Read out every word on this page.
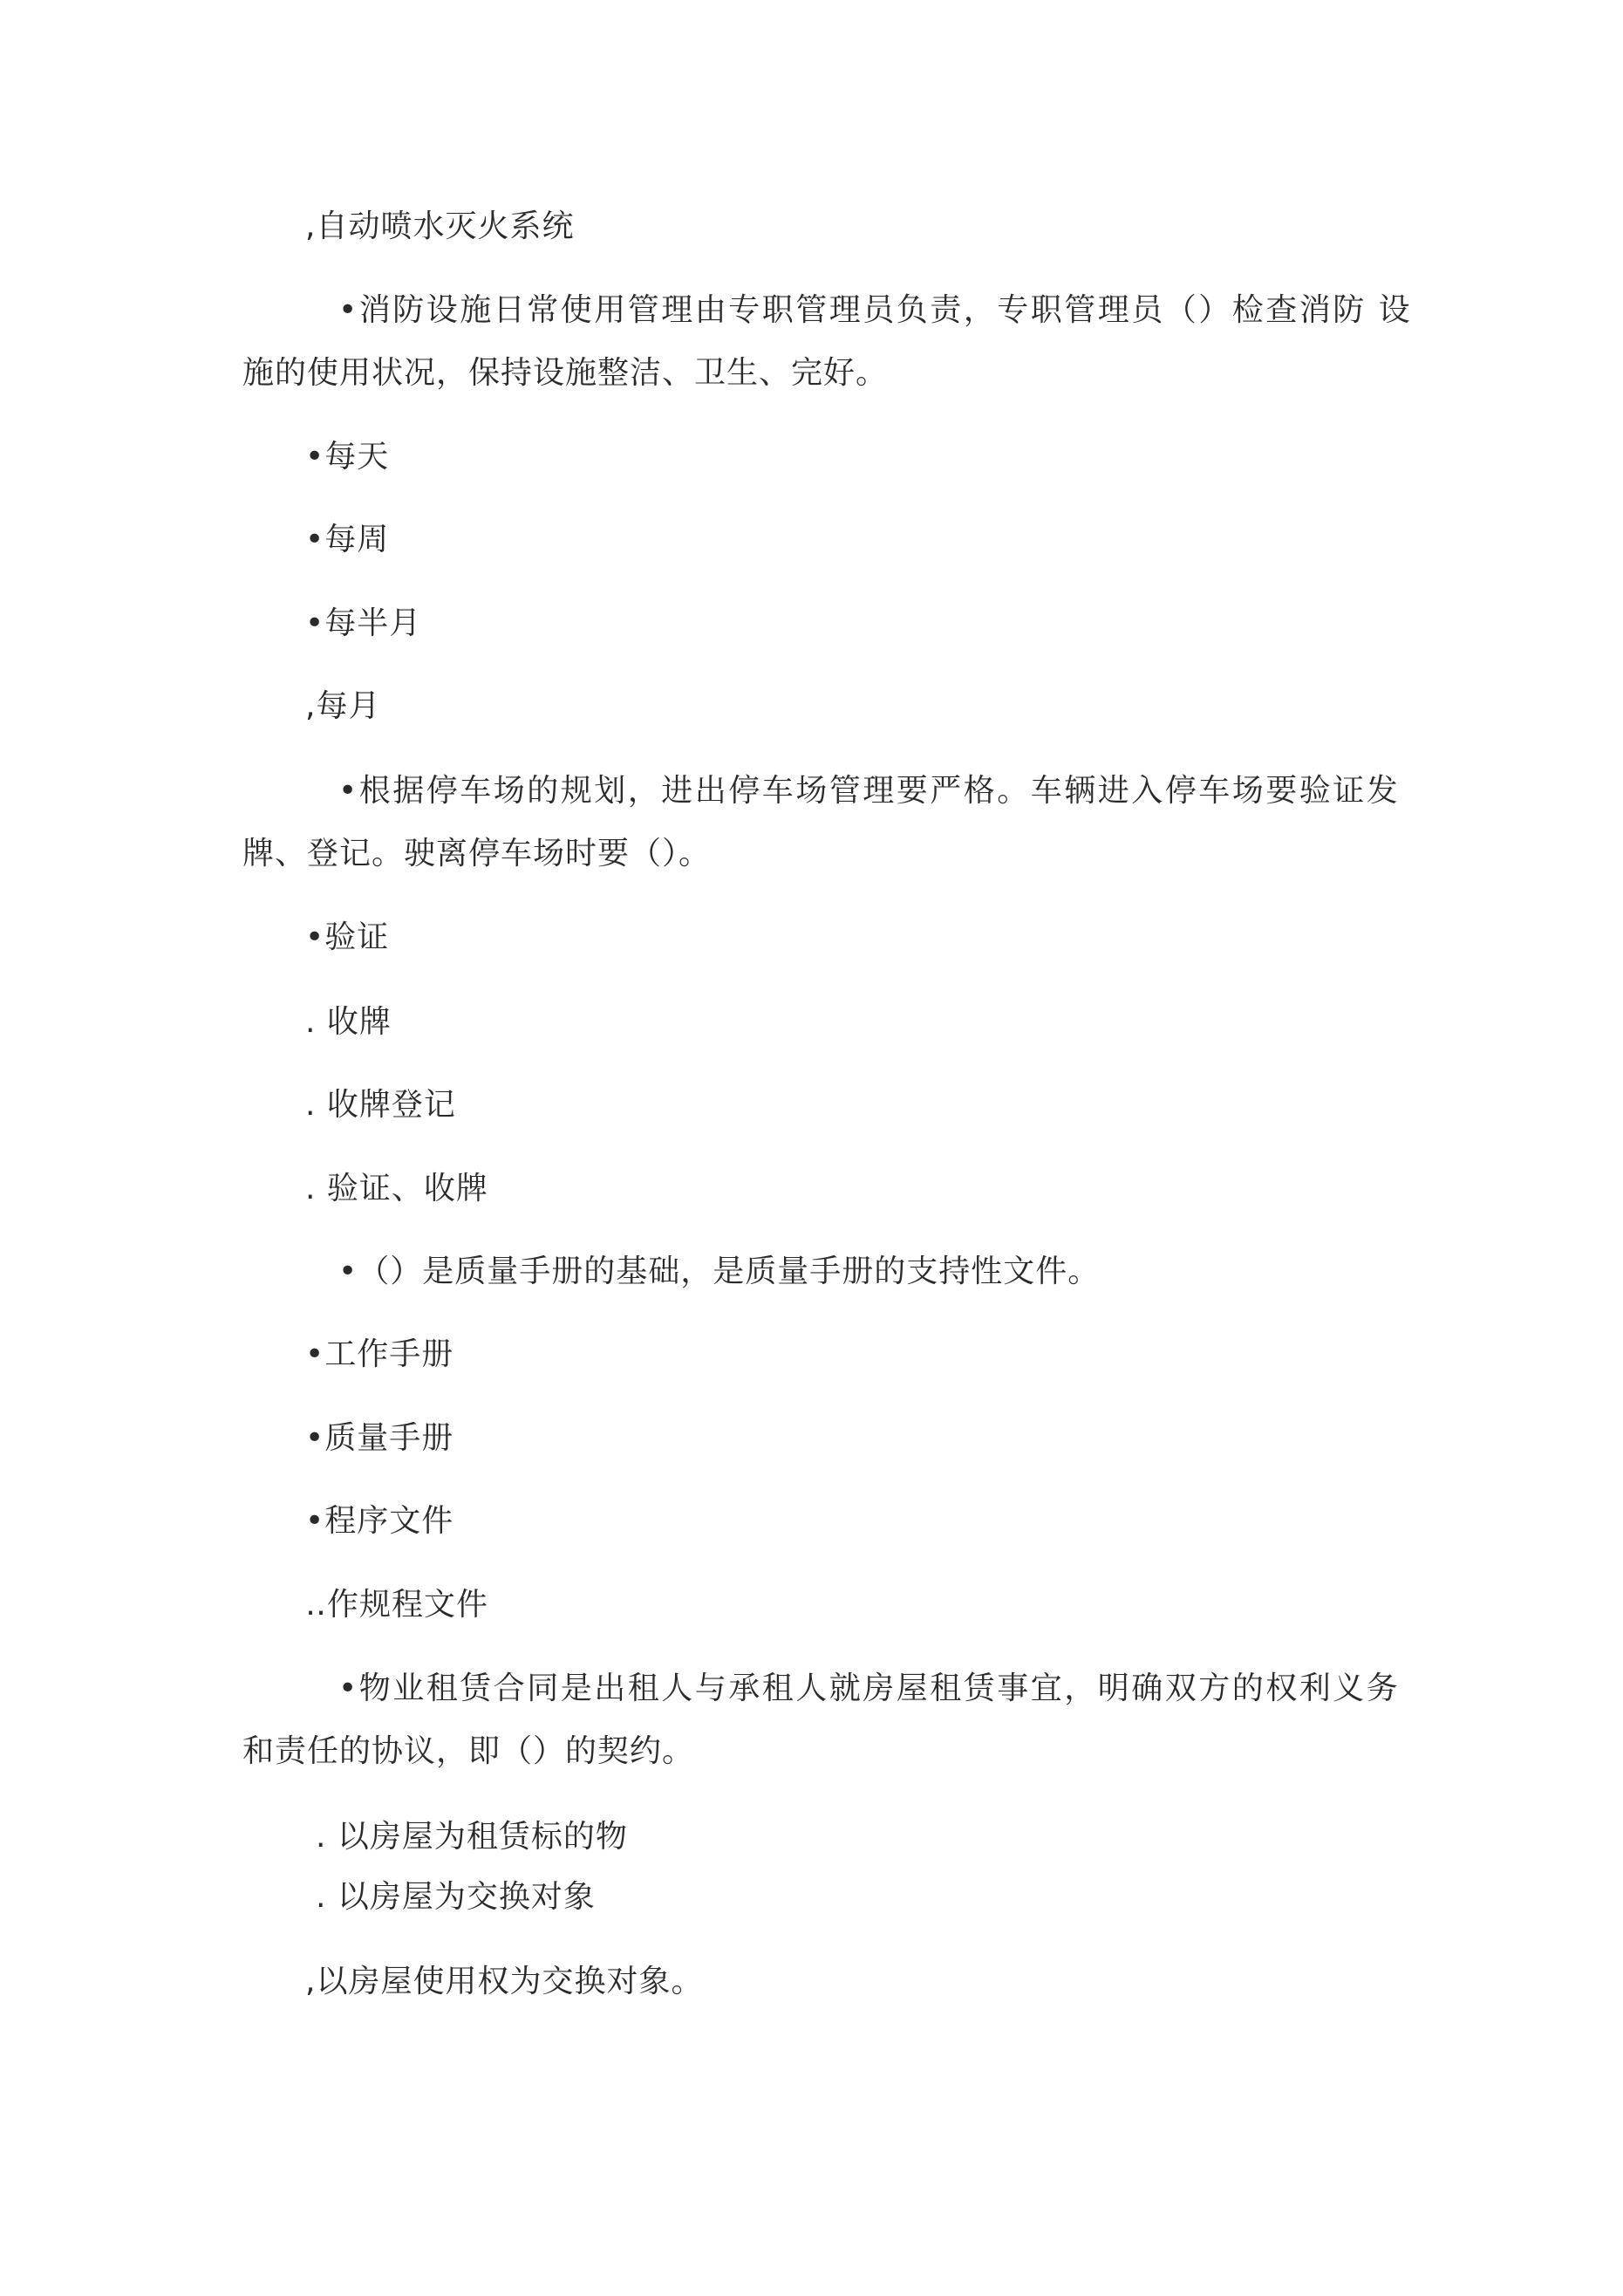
,自动喷水灭火系统
•消防设施日常使用管理由专职管理员负责，专职管理员（）检查消防 设
施的使用状况，保持设施整洁、卫生、完好。
•每天
•每周
•每半月
,每月
•根据停车场的规划，进出停车场管理要严格。车辆进入停车场要验证发
牌、登记。驶离停车场时要（）。
•验证
. 收牌
. 收牌登记
. 验证、收牌
•（）是质量手册的基础，是质量手册的支持性文件。
•工作手册
•质量手册
•程序文件
‥作规程文件
•物业租赁合同是出租人与承租人就房屋租赁事宜，明确双方的权利义务
和责任的协议，即（）的契约。
. 以房屋为租赁标的物
. 以房屋为交换对象
,以房屋使用权为交换对象。
